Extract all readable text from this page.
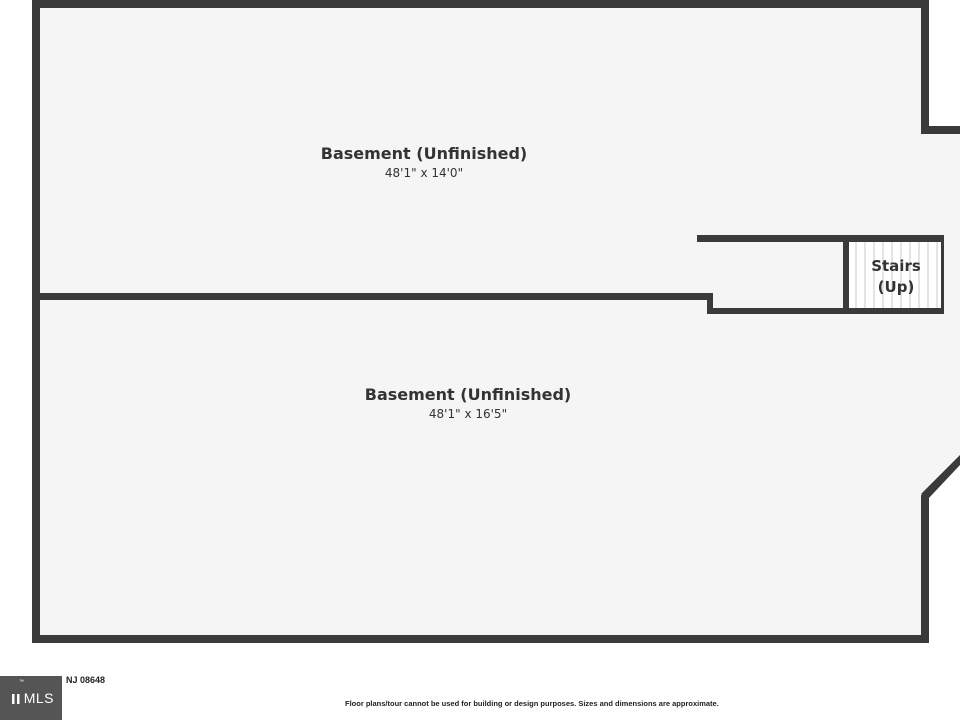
Stairs
(Up)
Basement (Unfinished)
48'1" x 14'0"
Basement (Unfinished)
48'1" x 16'5"
™
ıı MLS
NJ 08648
Floor plans/tour cannot be used for building or design purposes. Sizes and dimensions are approximate.
